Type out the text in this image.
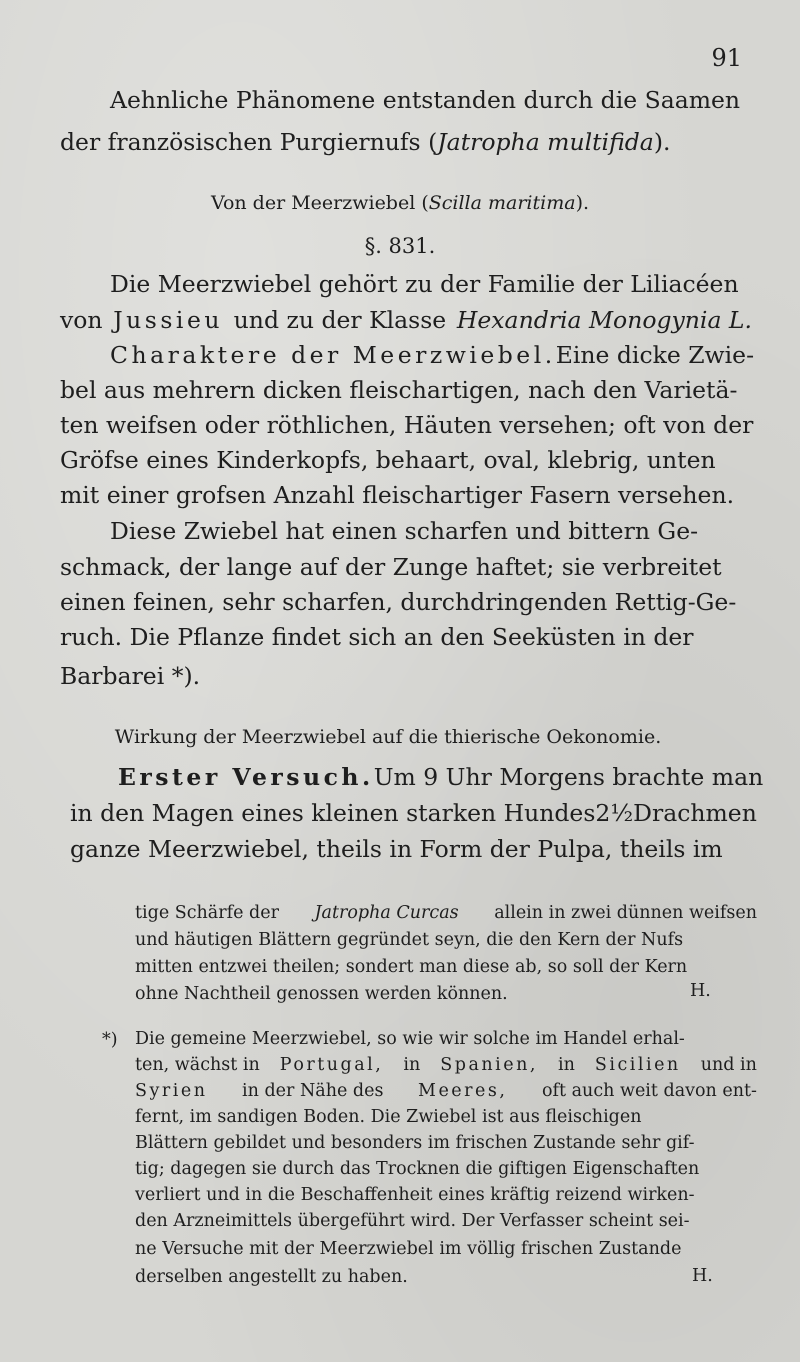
91
Aehnliche Phänomene entstanden durch die Saamen
der französischen Purgiernufs ( Jatropha multifida ).
Von der Meerzwiebel (Scilla maritima).
§. 831.
Die Meerzwiebel gehört zu der Familie der Liliacéen
von Jussieu und zu der Klasse Hexandria Monogynia L.
Charaktere der Meerzwiebel. Eine dicke Zwie-
bel aus mehrern dicken fleischartigen, nach den Varietä-
ten weifsen oder röthlichen, Häuten versehen; oft von der
Gröfse eines Kinderkopfs, behaart, oval, klebrig, unten
mit einer grofsen Anzahl fleischartiger Fasern versehen.
Diese Zwiebel hat einen scharfen und bittern Ge-
schmack, der lange auf der Zunge haftet; sie verbreitet
einen feinen, sehr scharfen, durchdringenden Rettig-Ge-
ruch. Die Pflanze findet sich an den Seeküsten in der
Barbarei *).
Wirkung der Meerzwiebel auf die thierische Oekonomie.
Erster Versuch. Um 9 Uhr Morgens brachte man
in den Magen eines kleinen starken Hundes 2½ Drachmen
ganze Meerzwiebel, theils in Form der Pulpa, theils im
tige Schärfe der Jatropha Curcas allein in zwei dünnen weifsen
und häutigen Blättern gegründet seyn, die den Kern der Nufs
mitten entzwei theilen; sondert man diese ab, so soll der Kern
ohne Nachtheil genossen werden können.	H.
*) Die gemeine Meerzwiebel, so wie wir solche im Handel erhal-
ten, wächst in Portugal, in Spanien, in Sicilien und in
Syrien in der Nähe des Meeres, oft auch weit davon ent-
fernt, im sandigen Boden. Die Zwiebel ist aus fleischigen
Blättern gebildet und besonders im frischen Zustande sehr gif-
tig; dagegen sie durch das Trocknen die giftigen Eigenschaften
verliert und in die Beschaffenheit eines kräftig reizend wirken-
den Arzneimittels übergeführt wird. Der Verfasser scheint sei-
ne Versuche mit der Meerzwiebel im völlig frischen Zustande
derselben angestellt zu haben.	H.
